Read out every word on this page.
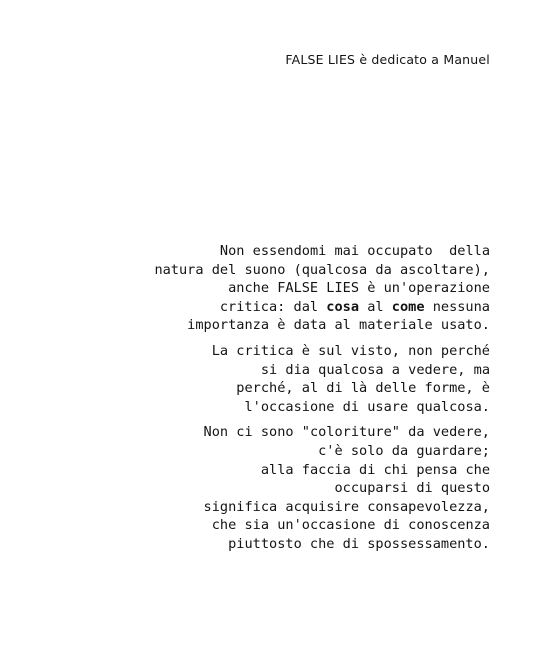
FALSE LIES è dedicato a Manuel

Non essendomi mai occupato  della
natura del suono (qualcosa da ascoltare),
anche FALSE LIES è un'operazione
critica: dal cosa al come nessuna
importanza è data al materiale usato.

La critica è sul visto, non perché
si dia qualcosa a vedere, ma
perché, al di là delle forme, è
l'occasione di usare qualcosa.

Non ci sono "coloriture" da vedere,
c'è solo da guardare;
alla faccia di chi pensa che
occuparsi di questo
significa acquisire consapevolezza,
che sia un'occasione di conoscenza
piuttosto che di spossessamento.
